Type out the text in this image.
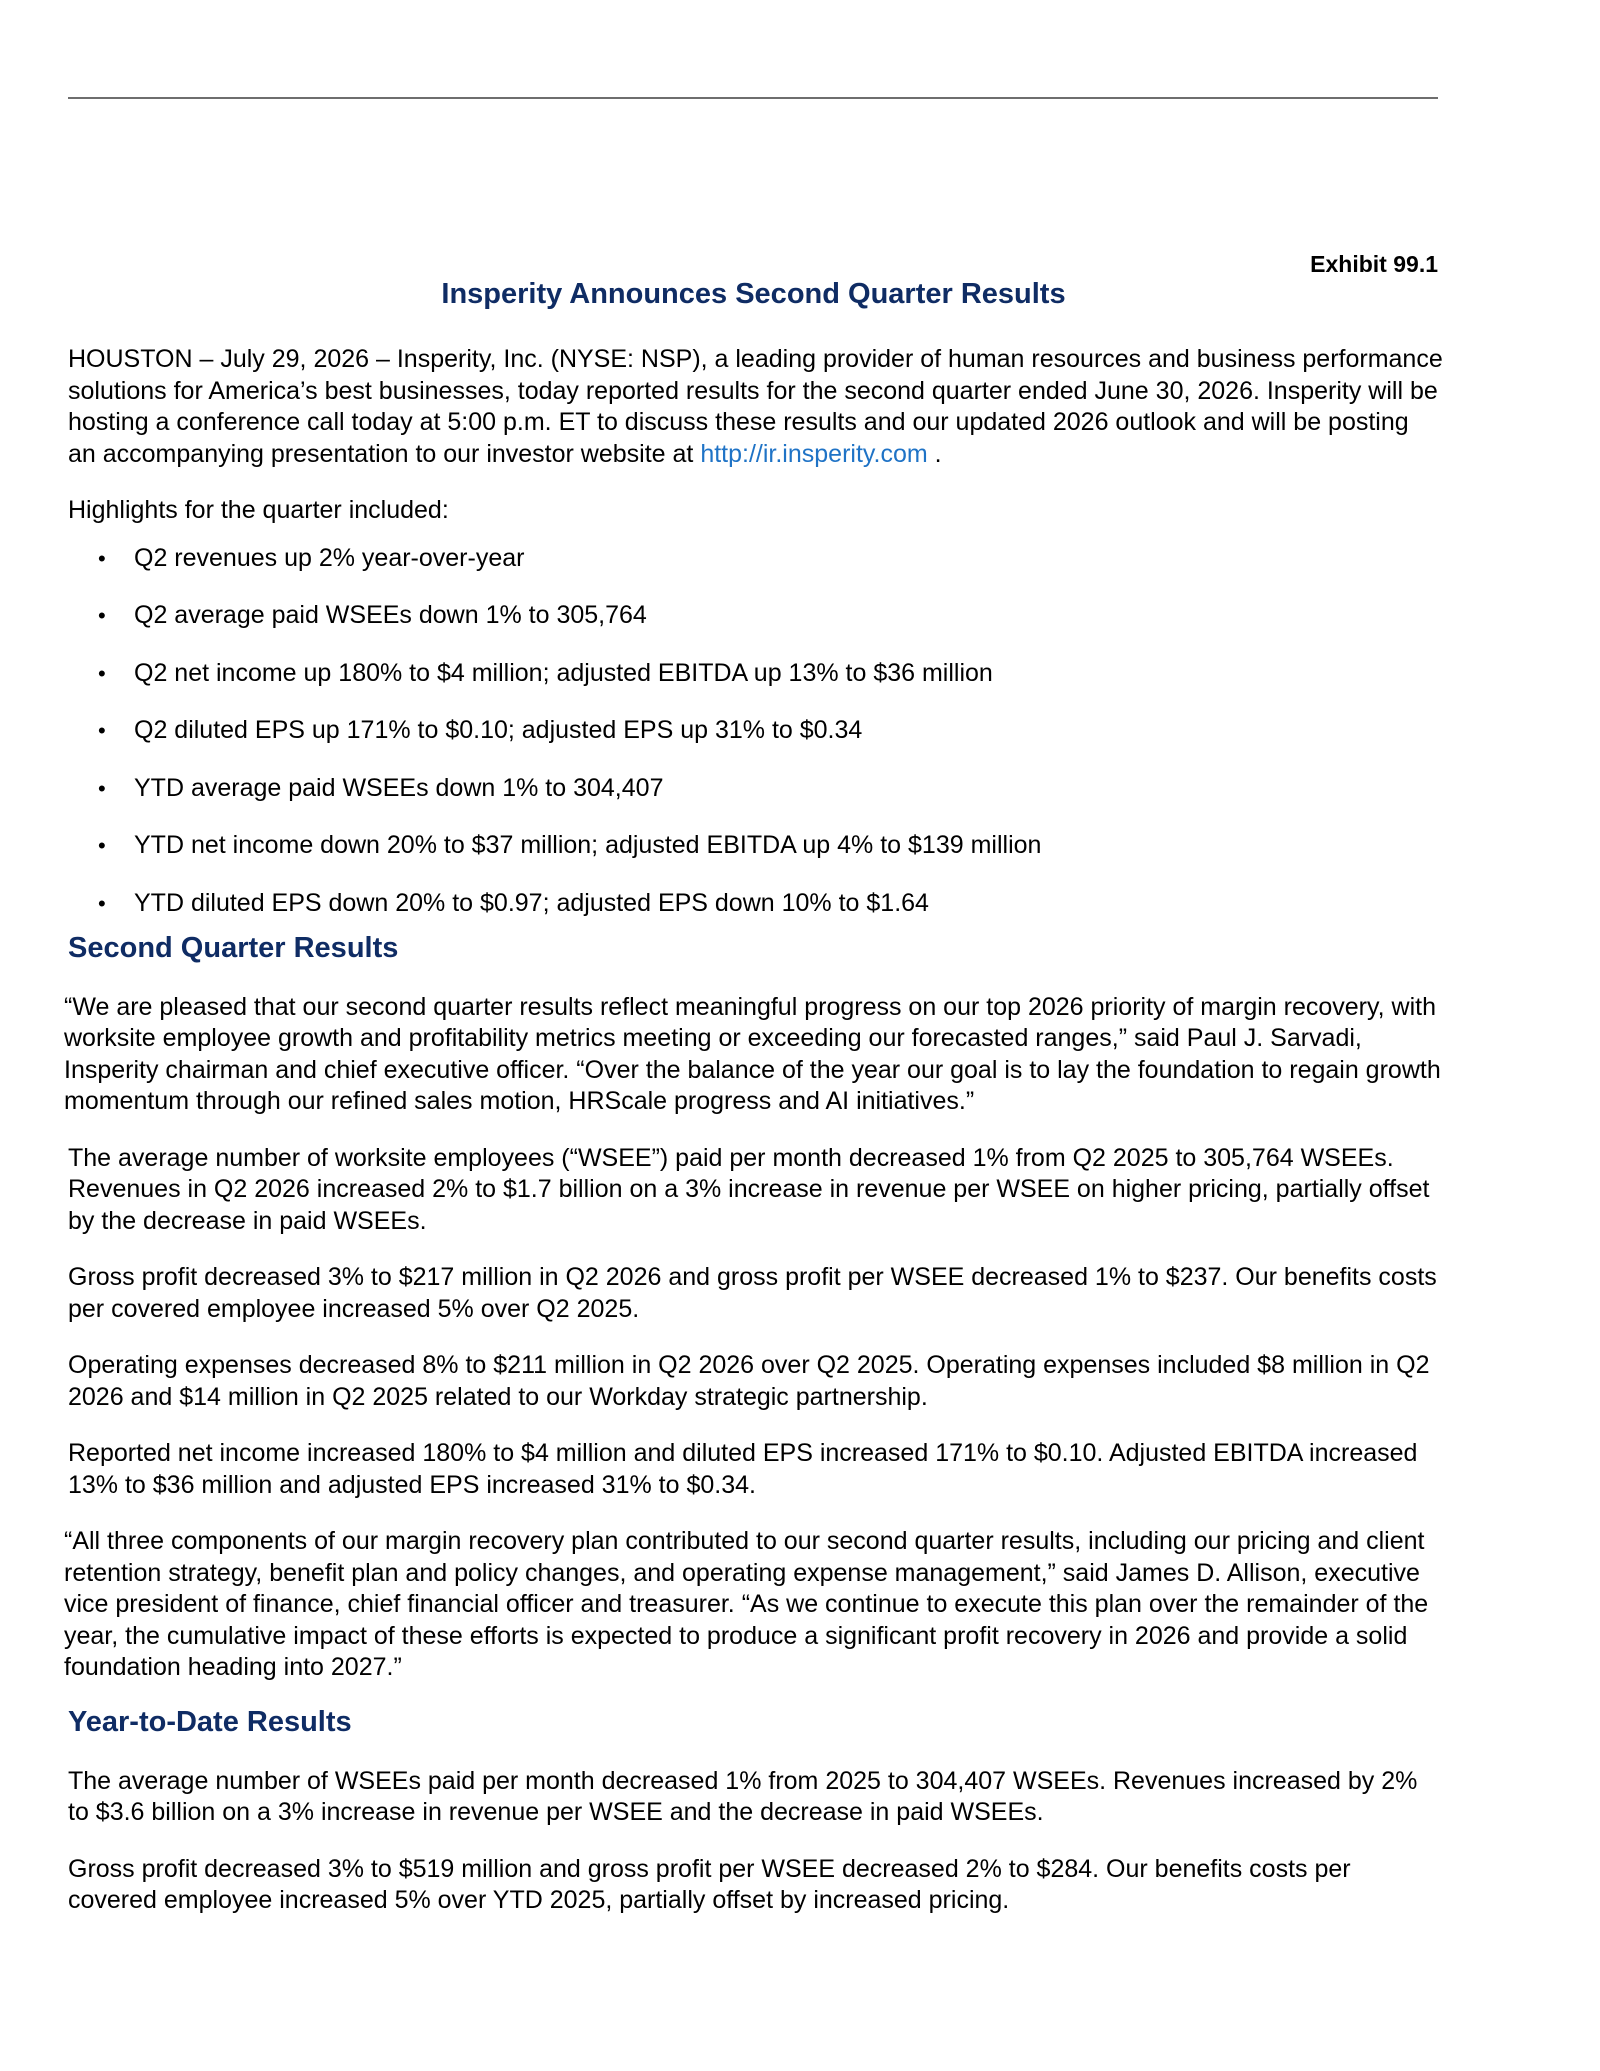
Exhibit 99.1
Insperity Announces Second Quarter Results

HOUSTON – July 29, 2026 – Insperity, Inc. (NYSE: NSP), a leading provider of human resources and business performance solutions for America’s best businesses, today reported results for the second quarter ended June 30, 2026. Insperity will be hosting a conference call today at 5:00 p.m. ET to discuss these results and our updated 2026 outlook and will be posting an accompanying presentation to our investor website at http://ir.insperity.com .

Highlights for the quarter included:

• Q2 revenues up 2% year-over-year
• Q2 average paid WSEEs down 1% to 305,764
• Q2 net income up 180% to $4 million; adjusted EBITDA up 13% to $36 million
• Q2 diluted EPS up 171% to $0.10; adjusted EPS up 31% to $0.34
• YTD average paid WSEEs down 1% to 304,407
• YTD net income down 20% to $37 million; adjusted EBITDA up 4% to $139 million
• YTD diluted EPS down 20% to $0.97; adjusted EPS down 10% to $1.64
Second Quarter Results

“We are pleased that our second quarter results reflect meaningful progress on our top 2026 priority of margin recovery, with worksite employee growth and profitability metrics meeting or exceeding our forecasted ranges,” said Paul J. Sarvadi, Insperity chairman and chief executive officer. “Over the balance of the year our goal is to lay the foundation to regain growth momentum through our refined sales motion, HRScale progress and AI initiatives.”

The average number of worksite employees (“WSEE”) paid per month decreased 1% from Q2 2025 to 305,764 WSEEs. Revenues in Q2 2026 increased 2% to $1.7 billion on a 3% increase in revenue per WSEE on higher pricing, partially offset by the decrease in paid WSEEs.

Gross profit decreased 3% to $217 million in Q2 2026 and gross profit per WSEE decreased 1% to $237. Our benefits costs per covered employee increased 5% over Q2 2025.

Operating expenses decreased 8% to $211 million in Q2 2026 over Q2 2025. Operating expenses included $8 million in Q2 2026 and $14 million in Q2 2025 related to our Workday strategic partnership.

Reported net income increased 180% to $4 million and diluted EPS increased 171% to $0.10. Adjusted EBITDA increased 13% to $36 million and adjusted EPS increased 31% to $0.34.

“All three components of our margin recovery plan contributed to our second quarter results, including our pricing and client retention strategy, benefit plan and policy changes, and operating expense management,” said James D. Allison, executive vice president of finance, chief financial officer and treasurer. “As we continue to execute this plan over the remainder of the year, the cumulative impact of these efforts is expected to produce a significant profit recovery in 2026 and provide a solid foundation heading into 2027.”

Year-to-Date Results

The average number of WSEEs paid per month decreased 1% from 2025 to 304,407 WSEEs. Revenues increased by 2% to $3.6 billion on a 3% increase in revenue per WSEE and the decrease in paid WSEEs.

Gross profit decreased 3% to $519 million and gross profit per WSEE decreased 2% to $284. Our benefits costs per covered employee increased 5% over YTD 2025, partially offset by increased pricing.
